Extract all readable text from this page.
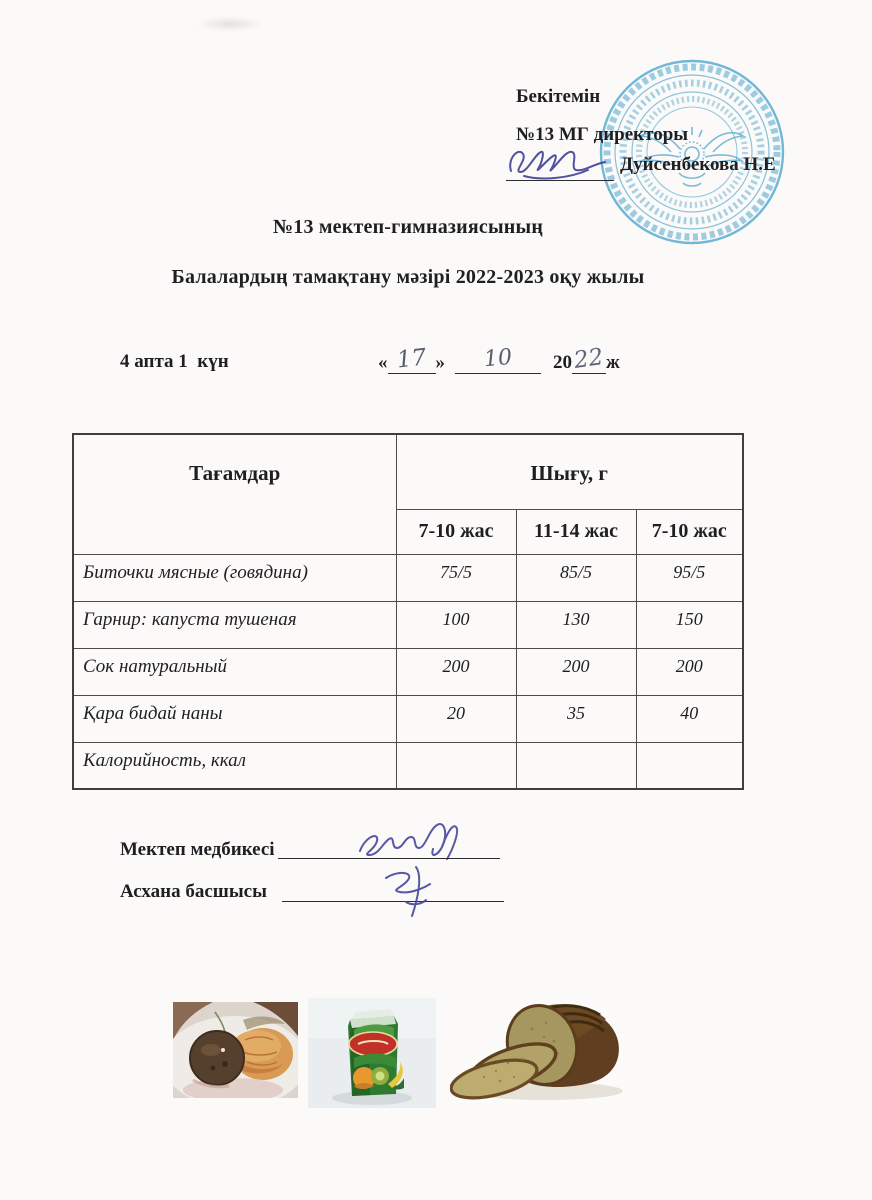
Бекітемін
№13 МГ директоры
Дуйсенбекова Н.Е
№13 мектеп-гимназиясының
Балалардың тамақтану мәзірі 2022-2023 оқу жылы
4 апта 1  күн	« 17 »	10	20 22 ж
Тағамдар	Шығу, г		
	7-10 жас	11-14 жас	7-10 жас
Биточки мясные (говядина)	75/5	85/5	95/5
Гарнир: капуста тушеная	100	130	150
Сок натуральный	200	200	200
Қара бидай наны	20	35	40
Калорийность, ккал			
Мектеп медбикесі
Асхана басшысы
